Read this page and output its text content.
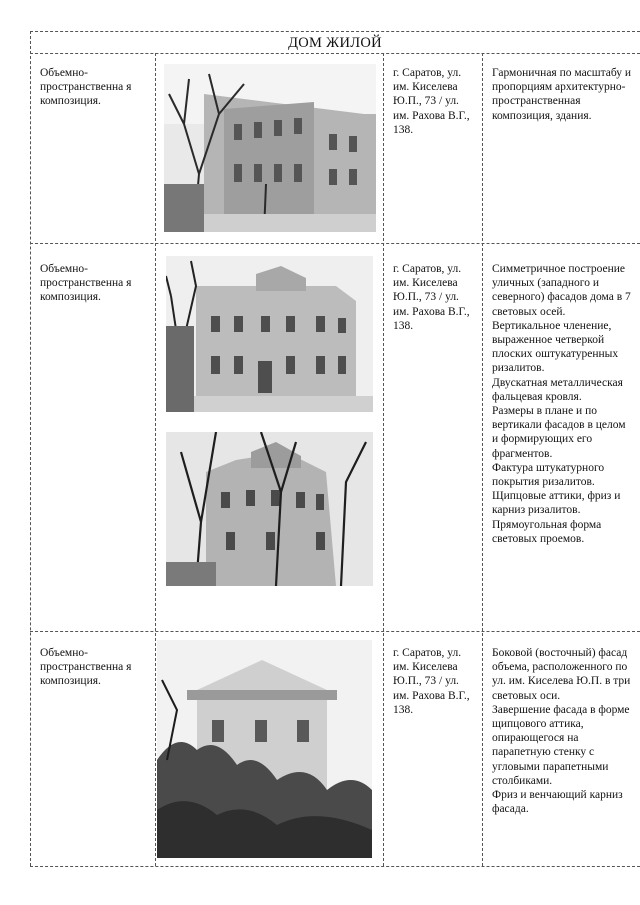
ДОМ ЖИЛОЙ
Объемно-пространственна я композиция.
г. Саратов, ул. им. Киселева Ю.П., 73 / ул. им. Рахова В.Г., 138.
Гармоничная по масштабу и пропорциям архитектурно-пространственная композиция, здания.
Объемно-пространственна я композиция.
г. Саратов, ул. им. Киселева Ю.П., 73 / ул. им. Рахова В.Г., 138.
Симметричное построение уличных (западного и северного) фасадов дома в 7 световых осей.
Вертикальное членение, выраженное четверкой плоских оштукатуренных ризалитов.
Двускатная металлическая фальцевая кровля.
Размеры в плане и по вертикали фасадов в целом и формирующих его фрагментов.
Фактура штукатурного покрытия ризалитов.
Щипцовые аттики, фриз и карниз ризалитов.
Прямоугольная форма световых проемов.
Объемно-пространственна я композиция.
г. Саратов, ул. им. Киселева Ю.П., 73 / ул. им. Рахова В.Г., 138.
Боковой (восточный) фасад объема, расположенного по ул. им. Киселева Ю.П. в три световых оси.
Завершение фасада в форме щипцового аттика, опирающегося на парапетную стенку с угловыми парапетными столбиками.
Фриз и венчающий карниз фасада.
